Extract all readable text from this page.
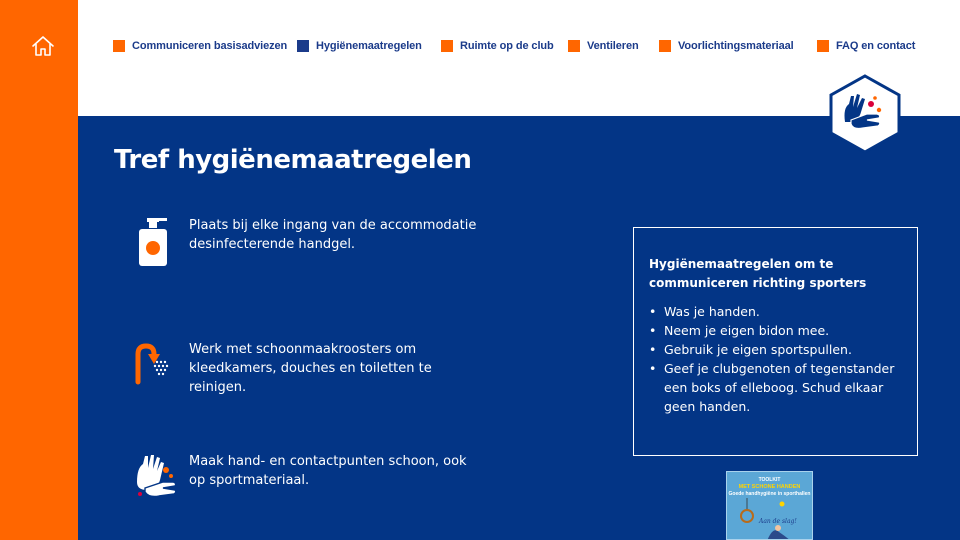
Communiceren basisadviezen	Hygiënemaatregelen	Ruimte op de club	Ventileren	Voorlichtingsmateriaal	FAQ en contact
Tref hygiënemaatregelen

Plaats bij elke ingang van de accommodatie desinfecterende handgel.

Werk met schoonmaakroosters om kleedkamers, douches en toiletten te reinigen.

Maak hand- en contactpunten schoon, ook op sportmateriaal.

Hygiënemaatregelen om te communiceren richting sporters
• Was je handen.
• Neem je eigen bidon mee.
• Gebruik je eigen sportspullen.
• Geef je clubgenoten of tegenstander een boks of elleboog. Schud elkaar geen handen.
TOOLKIT
MET SCHONE HANDEN
Goede handhygiëne in sporthallen
Aan de slag!
